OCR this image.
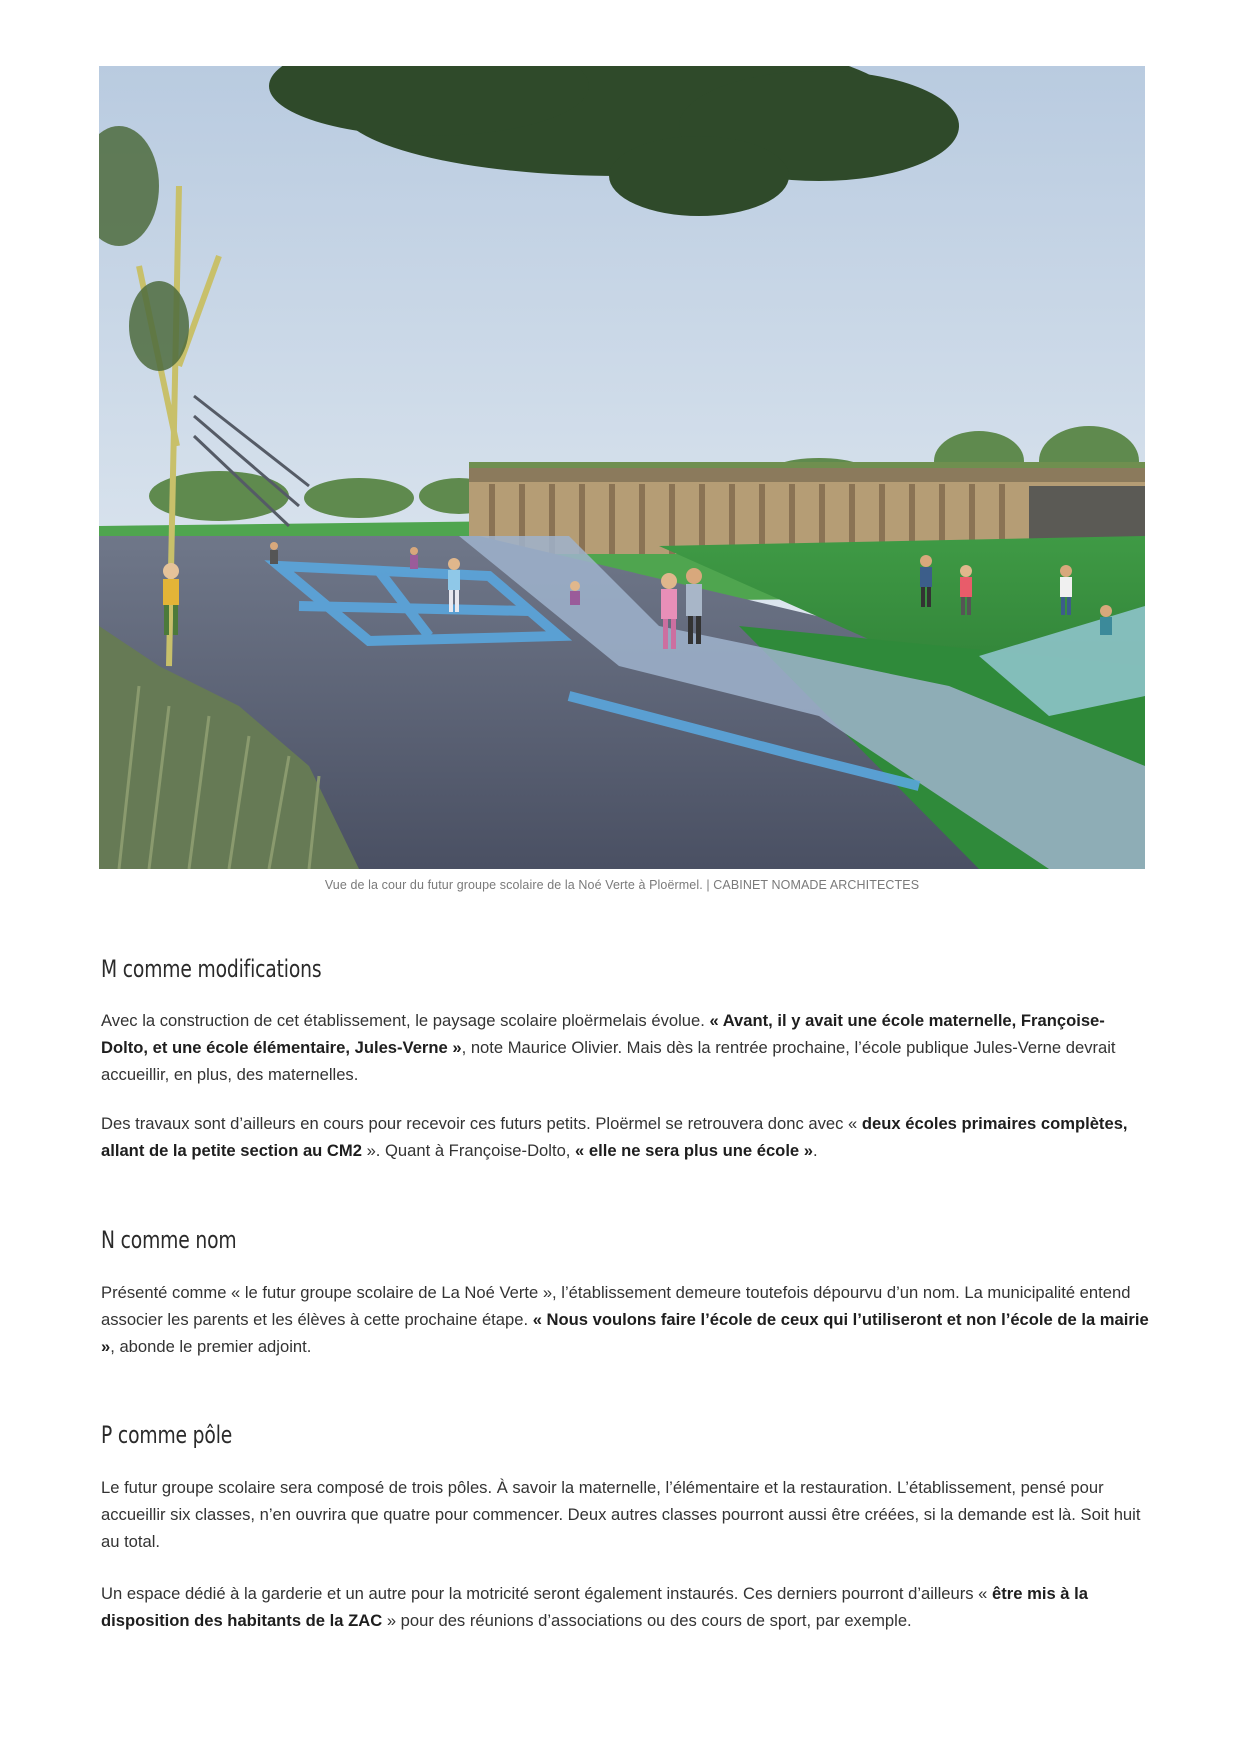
Vue de la cour du futur groupe scolaire de la Noé Verte à Ploërmel. | CABINET NOMADE ARCHITECTES
M comme modifications

Avec la construction de cet établissement, le paysage scolaire ploërmelais évolue. « Avant, il y avait une école maternelle, Françoise-Dolto, et une école élémentaire, Jules-Verne », note Maurice Olivier. Mais dès la rentrée prochaine, l’école publique Jules-Verne devrait accueillir, en plus, des maternelles.

Des travaux sont d’ailleurs en cours pour recevoir ces futurs petits. Ploërmel se retrouvera donc avec « deux écoles primaires complètes, allant de la petite section au CM2 ». Quant à Françoise-Dolto, « elle ne sera plus une école ».

N comme nom

Présenté comme « le futur groupe scolaire de La Noé Verte », l’établissement demeure toutefois dépourvu d’un nom. La municipalité entend associer les parents et les élèves à cette prochaine étape. « Nous voulons faire l’école de ceux qui l’utiliseront et non l’école de la mairie », abonde le premier adjoint.

P comme pôle

Le futur groupe scolaire sera composé de trois pôles. À savoir la maternelle, l’élémentaire et la restauration. L’établissement, pensé pour accueillir six classes, n’en ouvrira que quatre pour commencer. Deux autres classes pourront aussi être créées, si la demande est là. Soit huit au total.

Un espace dédié à la garderie et un autre pour la motricité seront également instaurés. Ces derniers pourront d’ailleurs « être mis à la disposition des habitants de la ZAC » pour des réunions d’associations ou des cours de sport, par exemple.
